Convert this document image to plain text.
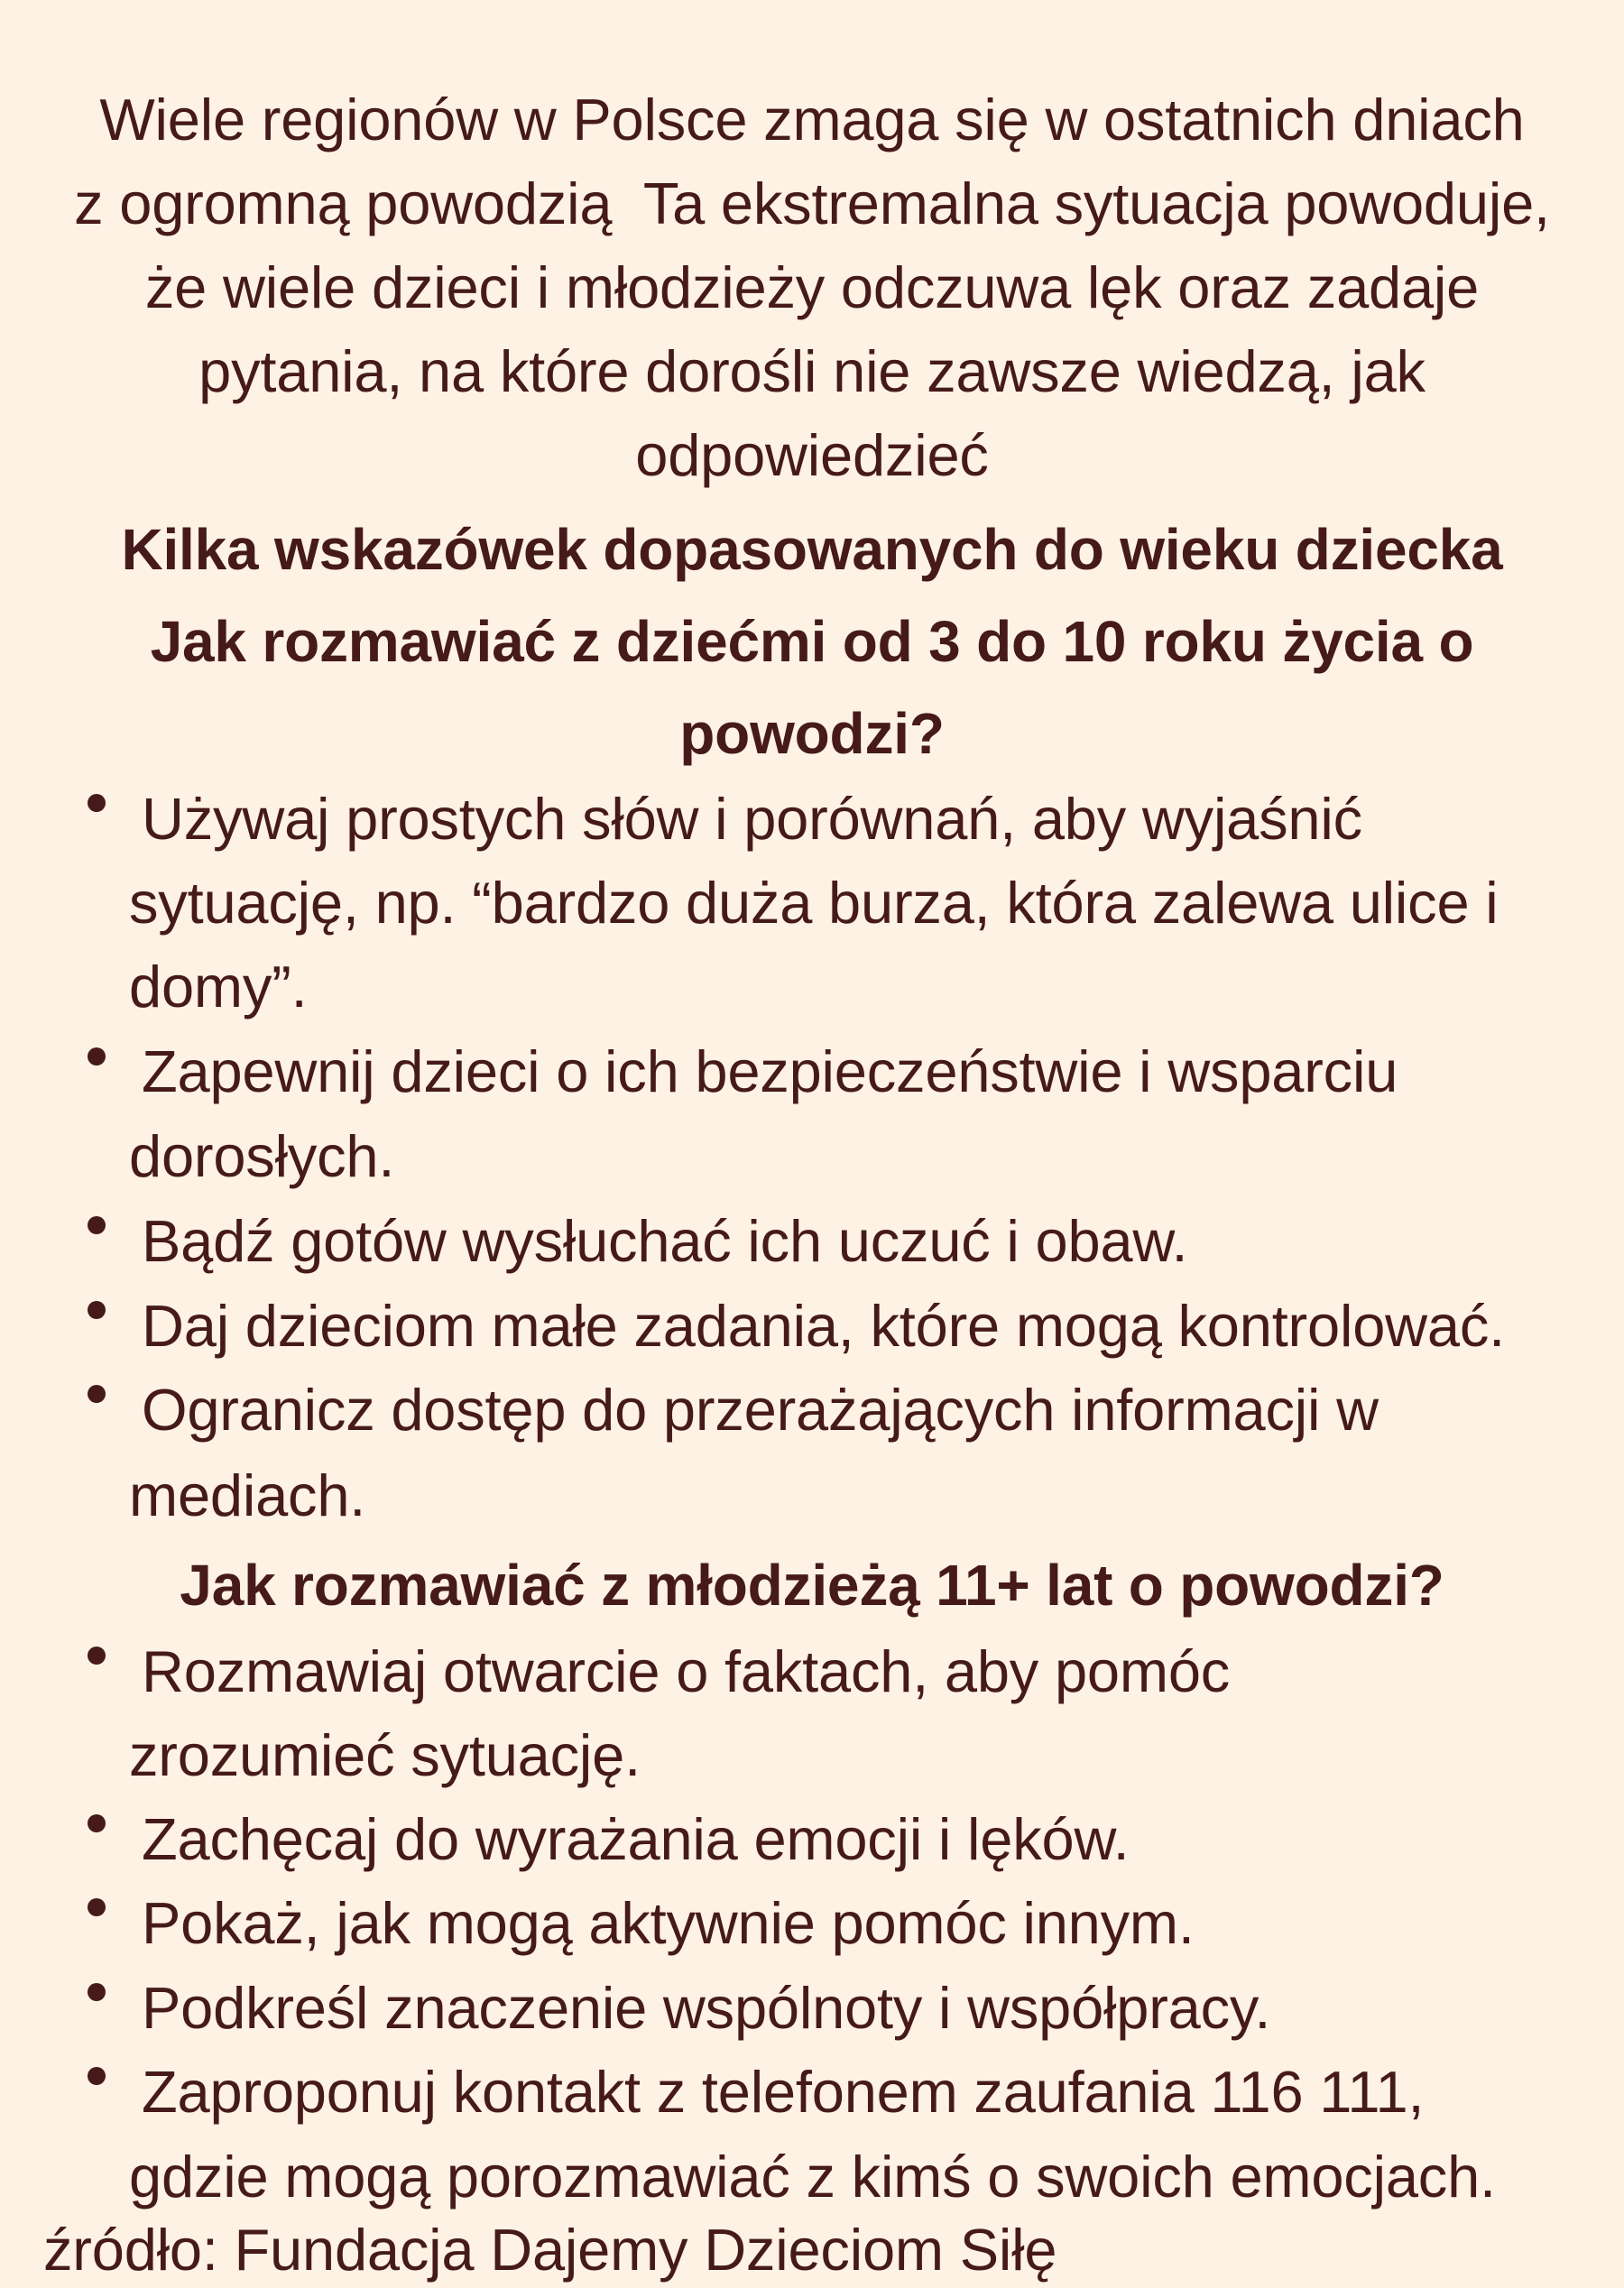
Wiele regionów w Polsce zmaga się w ostatnich dniach
z ogromną powodzią  Ta ekstremalna sytuacja powoduje,
że wiele dzieci i młodzieży odczuwa lęk oraz zadaje
pytania, na które dorośli nie zawsze wiedzą, jak
odpowiedzieć
Kilka wskazówek dopasowanych do wieku dziecka
Jak rozmawiać z dziećmi od 3 do 10 roku życia o
powodzi?
Używaj prostych słów i porównań, aby wyjaśnić
sytuację, np. “bardzo duża burza, która zalewa ulice i
domy”.
Zapewnij dzieci o ich bezpieczeństwie i wsparciu
dorosłych.
Bądź gotów wysłuchać ich uczuć i obaw.
Daj dzieciom małe zadania, które mogą kontrolować.
Ogranicz dostęp do przerażających informacji w
mediach.
Jak rozmawiać z młodzieżą 11+ lat o powodzi?
Rozmawiaj otwarcie o faktach, aby pomóc
zrozumieć sytuację.
Zachęcaj do wyrażania emocji i lęków.
Pokaż, jak mogą aktywnie pomóc innym.
Podkreśl znaczenie wspólnoty i współpracy.
Zaproponuj kontakt z telefonem zaufania 116 111,
gdzie mogą porozmawiać z kimś o swoich emocjach.
źródło: Fundacja Dajemy Dzieciom Siłę
